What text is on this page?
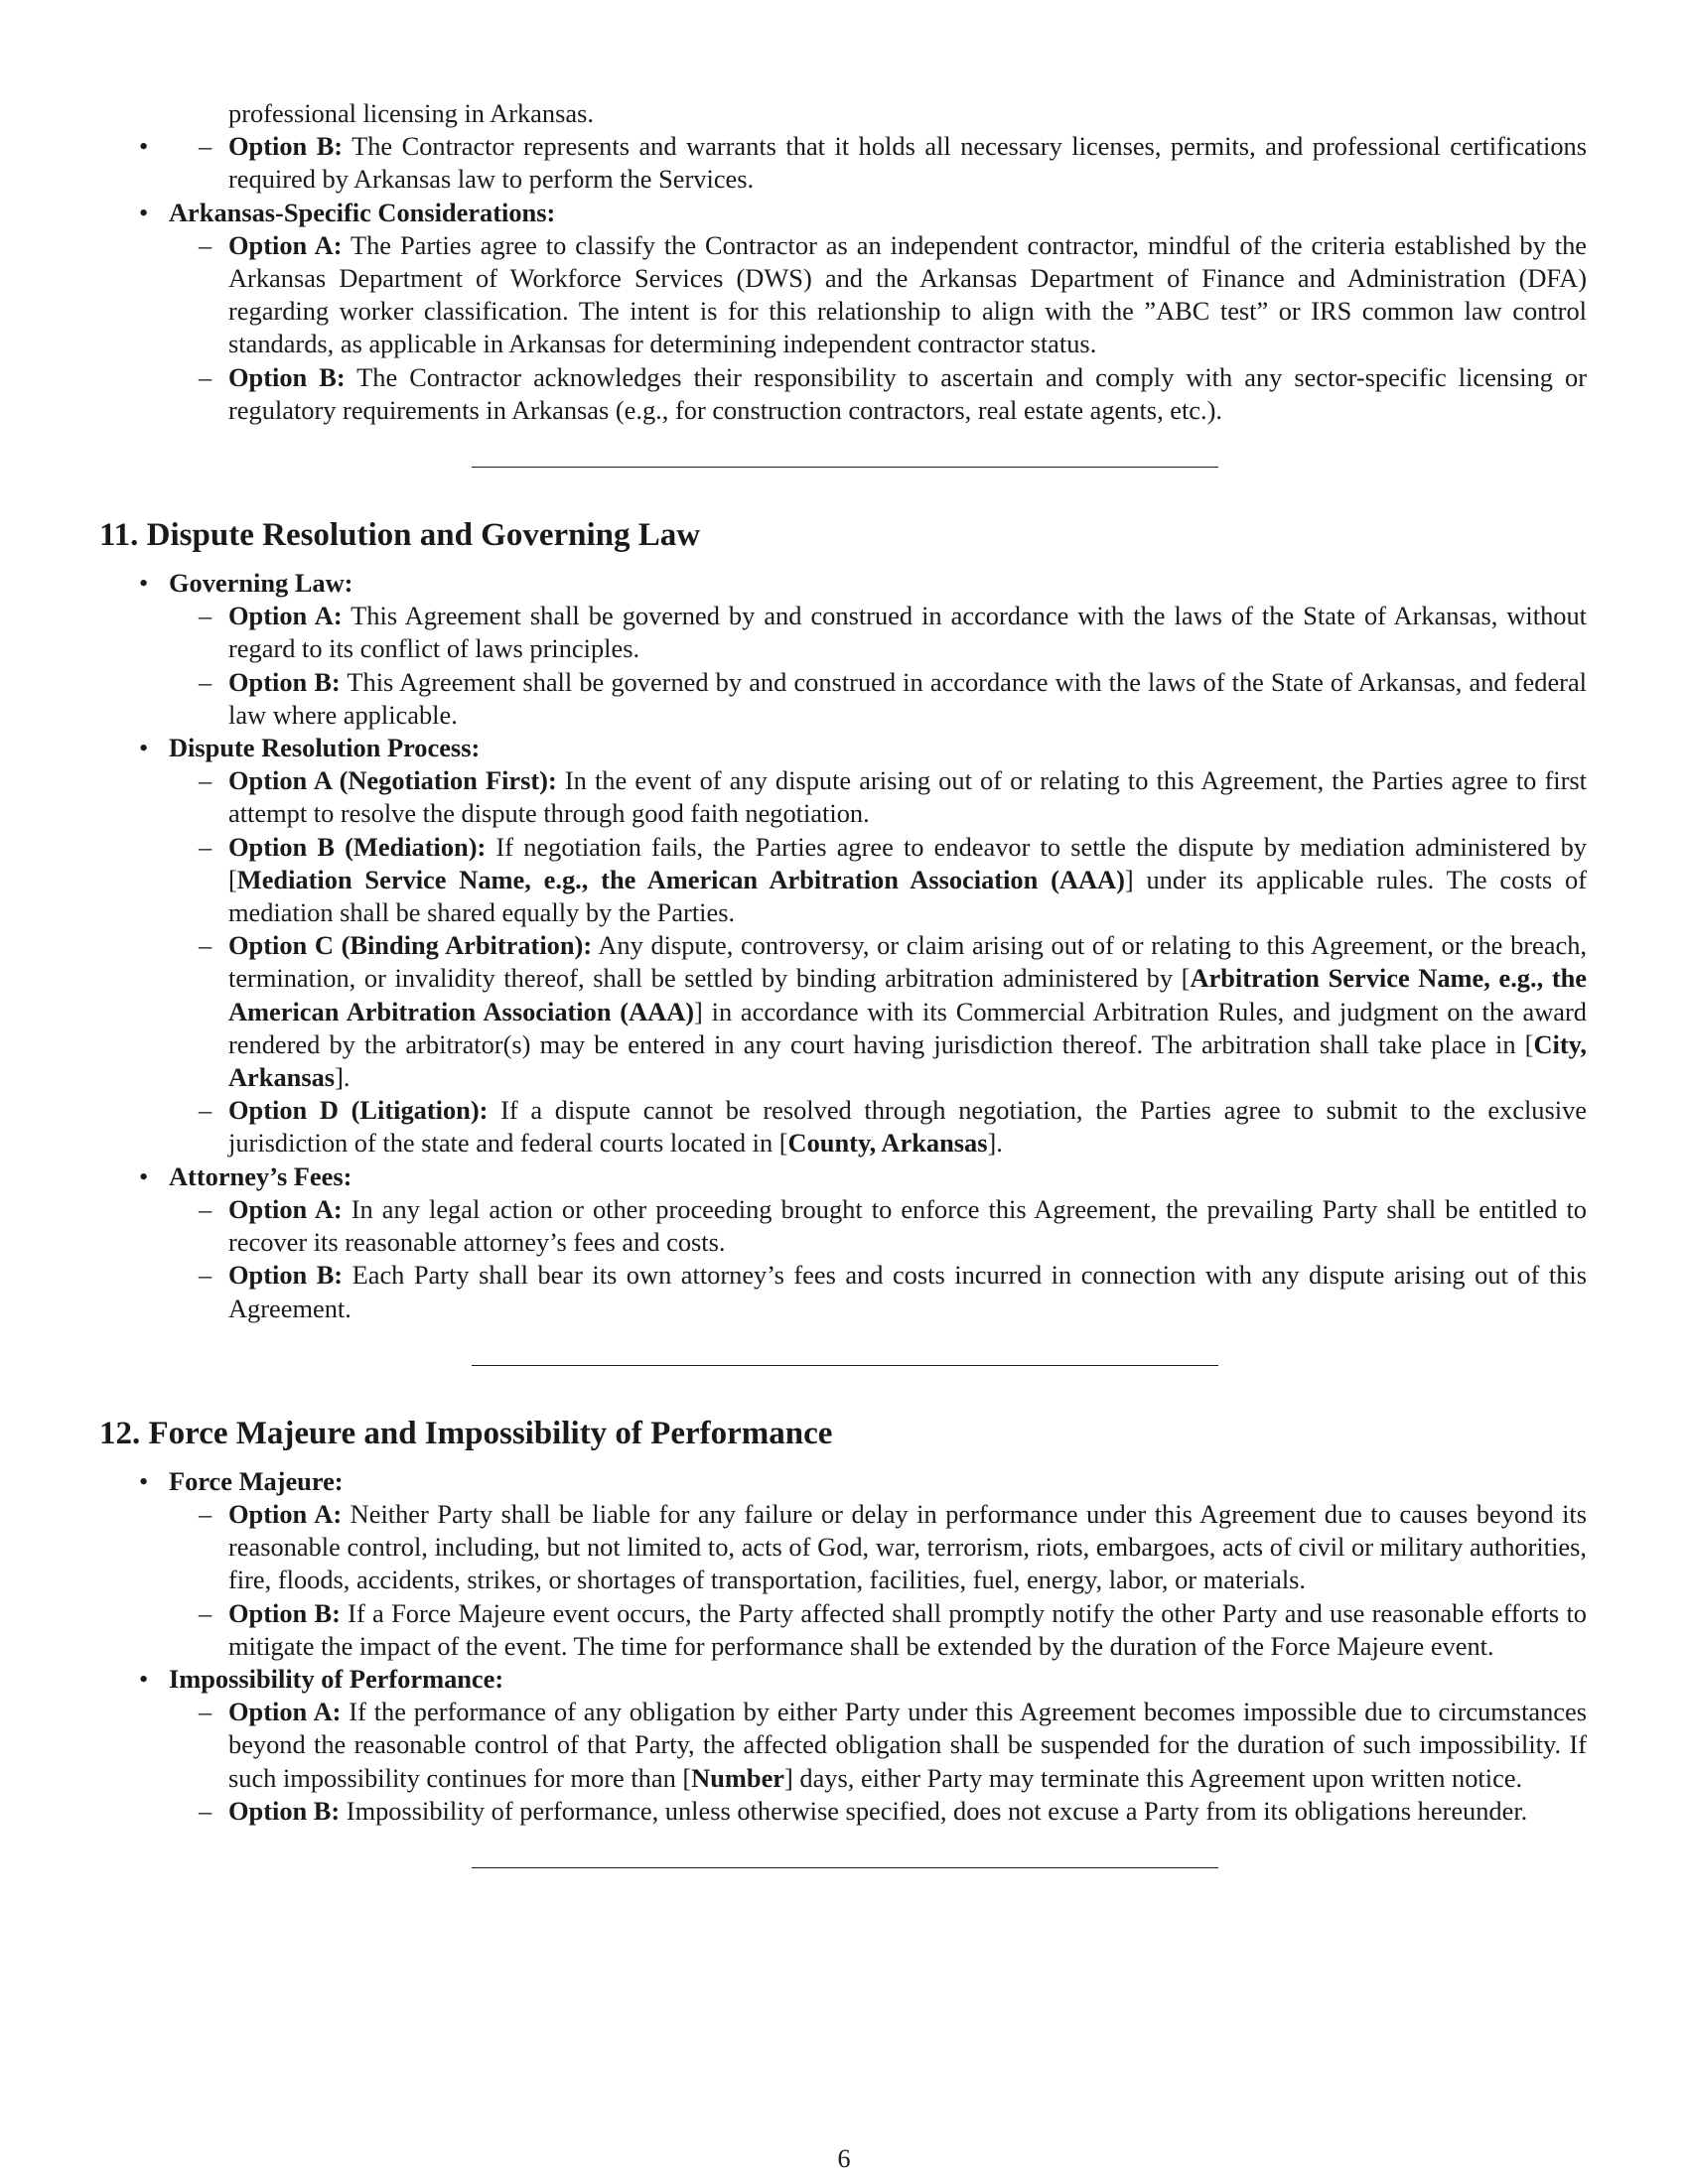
professional licensing in Arkansas.

– • Option B: The Contractor represents and warrants that it holds all necessary licenses, permits, and professional certifications required by Arkansas law to perform the Services.
• Arkansas-Specific Considerations:
– Option A: The Parties agree to classify the Contractor as an independent contractor, mindful of the criteria established by the Arkansas Department of Workforce Services (DWS) and the Arkansas Department of Finance and Administration (DFA) regarding worker classification. The intent is for this relationship to align with the ”ABC test” or IRS common law control standards, as applicable in Arkansas for determining independent contractor status.
– Option B: The Contractor acknowledges their responsibility to ascertain and comply with any sector-specific licensing or regulatory requirements in Arkansas (e.g., for construction contractors, real estate agents, etc.).
11. Dispute Resolution and Governing Law
• Governing Law:
– Option A: This Agreement shall be governed by and construed in accordance with the laws of the State of Arkansas, without regard to its conflict of laws principles.
– Option B: This Agreement shall be governed by and construed in accordance with the laws of the State of Arkansas, and federal law where applicable.
• Dispute Resolution Process:
– Option A (Negotiation First): In the event of any dispute arising out of or relating to this Agreement, the Parties agree to first attempt to resolve the dispute through good faith negotiation.
– Option B (Mediation): If negotiation fails, the Parties agree to endeavor to settle the dispute by mediation administered by [Mediation Service Name, e.g., the American Arbitration Association (AAA)] under its applicable rules. The costs of mediation shall be shared equally by the Parties.
– Option C (Binding Arbitration): Any dispute, controversy, or claim arising out of or relating to this Agreement, or the breach, termination, or invalidity thereof, shall be settled by binding arbitration administered by [Arbitration Service Name, e.g., the American Arbitration Association (AAA)] in accordance with its Commercial Arbitration Rules, and judgment on the award rendered by the arbitrator(s) may be entered in any court having jurisdiction thereof. The arbitration shall take place in [City, Arkansas].
– Option D (Litigation): If a dispute cannot be resolved through negotiation, the Parties agree to submit to the exclusive jurisdiction of the state and federal courts located in [County, Arkansas].
• Attorney’s Fees:
– Option A: In any legal action or other proceeding brought to enforce this Agreement, the prevailing Party shall be entitled to recover its reasonable attorney’s fees and costs.
– Option B: Each Party shall bear its own attorney’s fees and costs incurred in connection with any dispute arising out of this Agreement.
12. Force Majeure and Impossibility of Performance
• Force Majeure:
– Option A: Neither Party shall be liable for any failure or delay in performance under this Agreement due to causes beyond its reasonable control, including, but not limited to, acts of God, war, terrorism, riots, embargoes, acts of civil or military authorities, fire, floods, accidents, strikes, or shortages of transportation, facilities, fuel, energy, labor, or materials.
– Option B: If a Force Majeure event occurs, the Party affected shall promptly notify the other Party and use reasonable efforts to mitigate the impact of the event. The time for performance shall be extended by the duration of the Force Majeure event.
• Impossibility of Performance:
– Option A: If the performance of any obligation by either Party under this Agreement becomes impossible due to circumstances beyond the reasonable control of that Party, the affected obligation shall be suspended for the duration of such impossibility. If such impossibility continues for more than [Number] days, either Party may terminate this Agreement upon written notice.
– Option B: Impossibility of performance, unless otherwise specified, does not excuse a Party from its obligations hereunder.
6
